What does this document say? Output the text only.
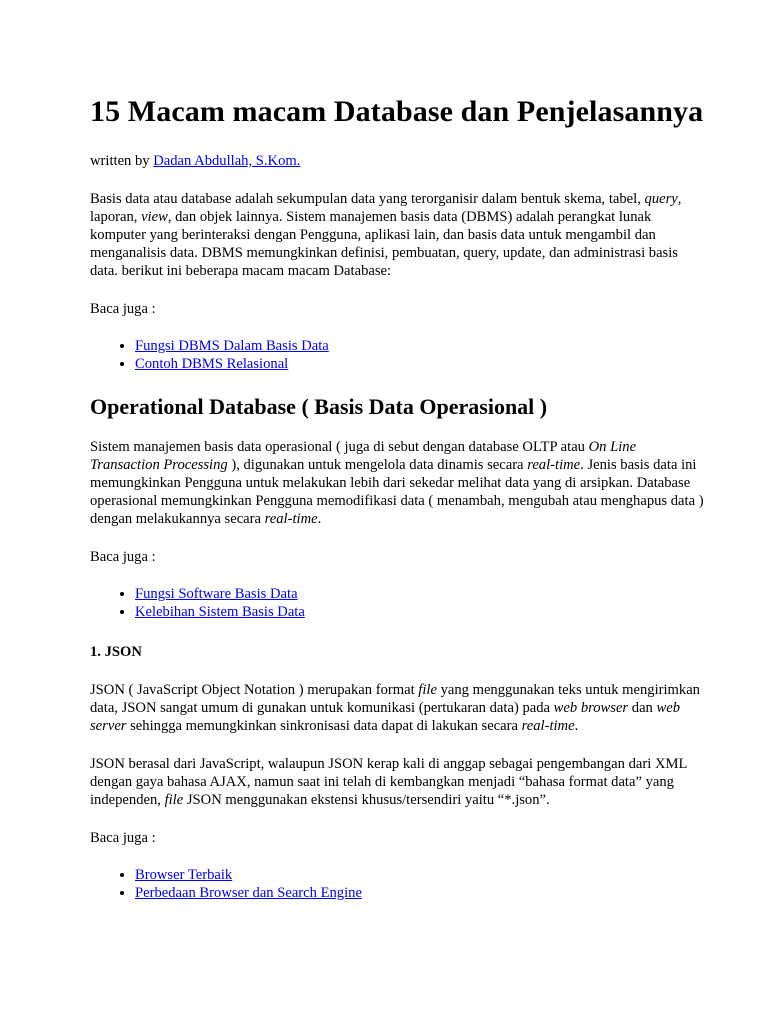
15 Macam macam Database dan Penjelasannya

written by Dadan Abdullah, S.Kom.

Basis data atau database adalah sekumpulan data yang terorganisir dalam bentuk skema, tabel, query, laporan, view, dan objek lainnya. Sistem manajemen basis data (DBMS) adalah perangkat lunak komputer yang berinteraksi dengan Pengguna, aplikasi lain, dan basis data untuk mengambil dan menganalisis data. DBMS memungkinkan definisi, pembuatan, query, update, dan administrasi basis data. berikut ini beberapa macam macam Database:

Baca juga :

• Fungsi DBMS Dalam Basis Data
• Contoh DBMS Relasional
Operational Database ( Basis Data Operasional )

Sistem manajemen basis data operasional ( juga di sebut dengan database OLTP atau On Line Transaction Processing ), digunakan untuk mengelola data dinamis secara real-time. Jenis basis data ini memungkinkan Pengguna untuk melakukan lebih dari sekedar melihat data yang di arsipkan. Database operasional memungkinkan Pengguna memodifikasi data ( menambah, mengubah atau menghapus data ) dengan melakukannya secara real-time.

Baca juga :

• Fungsi Software Basis Data
• Kelebihan Sistem Basis Data
1. JSON

JSON ( JavaScript Object Notation ) merupakan format file yang menggunakan teks untuk mengirimkan data, JSON sangat umum di gunakan untuk komunikasi (pertukaran data) pada web browser dan web server sehingga memungkinkan sinkronisasi data dapat di lakukan secara real-time.

JSON berasal dari JavaScript, walaupun JSON kerap kali di anggap sebagai pengembangan dari XML dengan gaya bahasa AJAX, namun saat ini telah di kembangkan menjadi “bahasa format data” yang independen, file JSON menggunakan ekstensi khusus/tersendiri yaitu “*.json”.

Baca juga :

• Browser Terbaik
• Perbedaan Browser dan Search Engine
